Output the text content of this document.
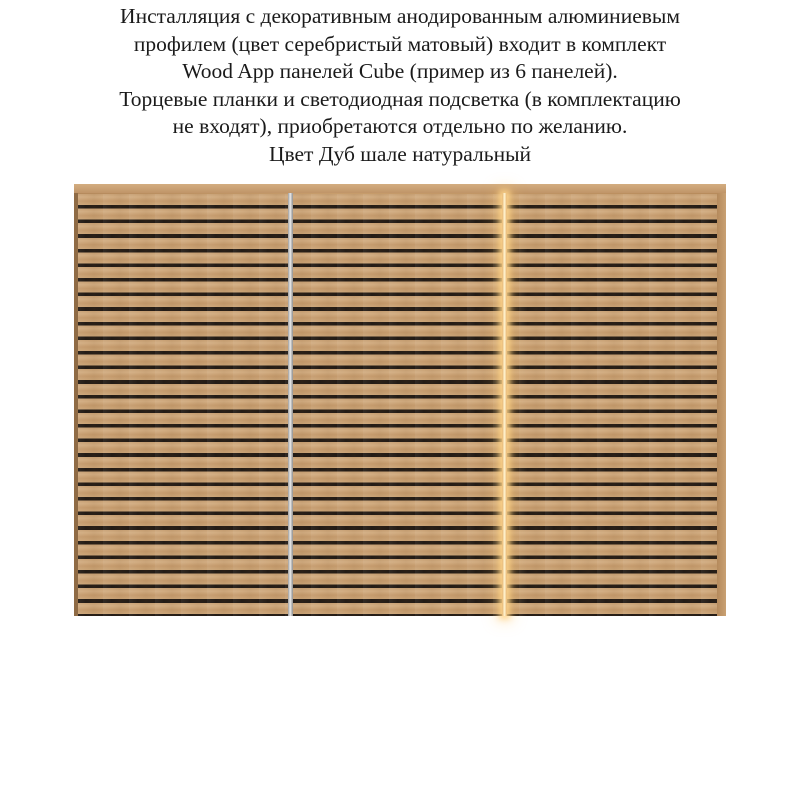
Инсталляция с декоративным анодированным алюминиевым
профилем (цвет серебристый матовый) входит в комплект
Wood App панелей Cube (пример из 6 панелей).
Торцевые планки и светодиодная подсветка (в комплектацию
не входят), приобретаются отдельно по желанию.
Цвет Дуб шале натуральный
